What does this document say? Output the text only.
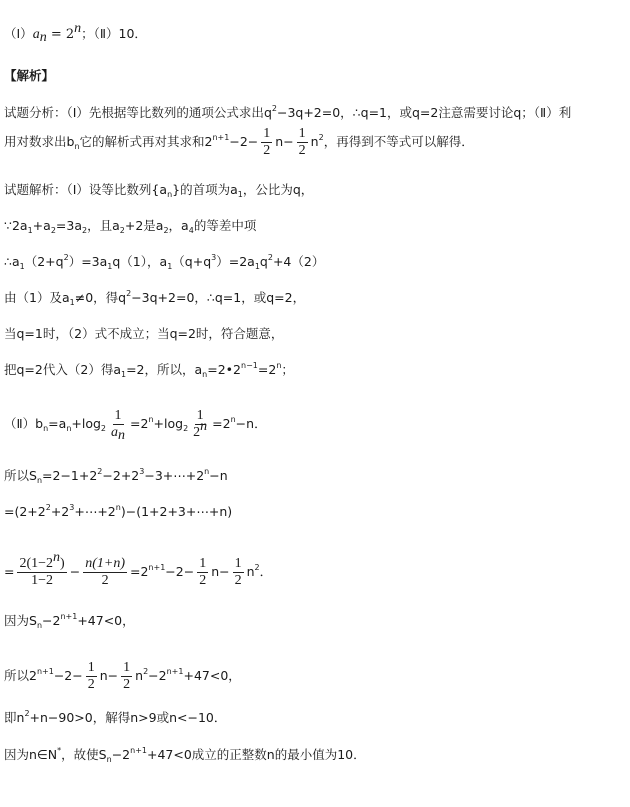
$(Ⅰ)a_n = 2^n$；（Ⅱ）10．
【解析】
试题分析：（Ⅰ）先根据等比数列的通项公式求出$q^2-3q+2=0$，∴q=1，或q=2注意需要讨论q；（Ⅱ）利
用对数求出$b_n$它的解析式再对其求和$2^{n+1}-2- \frac{1}{2} n- \frac{1}{2} n^2$，再得到不等式可以解得．
试题解析：（Ⅰ）设等比数列$\{a_n\}$的首项为$a_1$，公比为q，
$\because 2a_1+a_2=3a_2$，且$a_2+2$是$a_2$，$a_4$的等差中项
$\therefore a_1(2+q^2)=3a_1q(1)$，$a_1(q+q^3)=2a_1q^2+4(2)$
由（1）及$a_1\ne 0$，得$q^2-3q+2=0$，∴q=1，或q=2，
当q=1时，（2）式不成立；当q=2时，符合题意，
把q=2代入（2）得$a_1=2$，所以，$a_n=2•2^{n-1}=2^n$；
$(Ⅱ)b_n=a_n+\log_2 \frac{1}{a_n} =2^n+\log_2 \frac{1}{2^n} =2^n-n$．
所以$S_n=2-1+2^2-2+2^3-3+\cdots+2^n-n$
$=(2+2^2+2^3+\cdots+2^n)-(1+2+3+\cdots+n)$
= $\frac{2(1-2^n)}{1-2} - \frac{n(1+n)}{2} =2^{n+1}-2- \frac{1}{2} n- \frac{1}{2} n^2$．
因为$S_n-2^{n+1}+47<0$，
所以$2^{n+1}-2- \frac{1}{2} n- \frac{1}{2} n^2-2^{n+1}+47<0$，
即$n^2+n-90>0$，解得n>9或n<−10．
因为n∈N*，故使$S_n-2^{n+1}+47<0$成立的正整数n的最小值为10．
